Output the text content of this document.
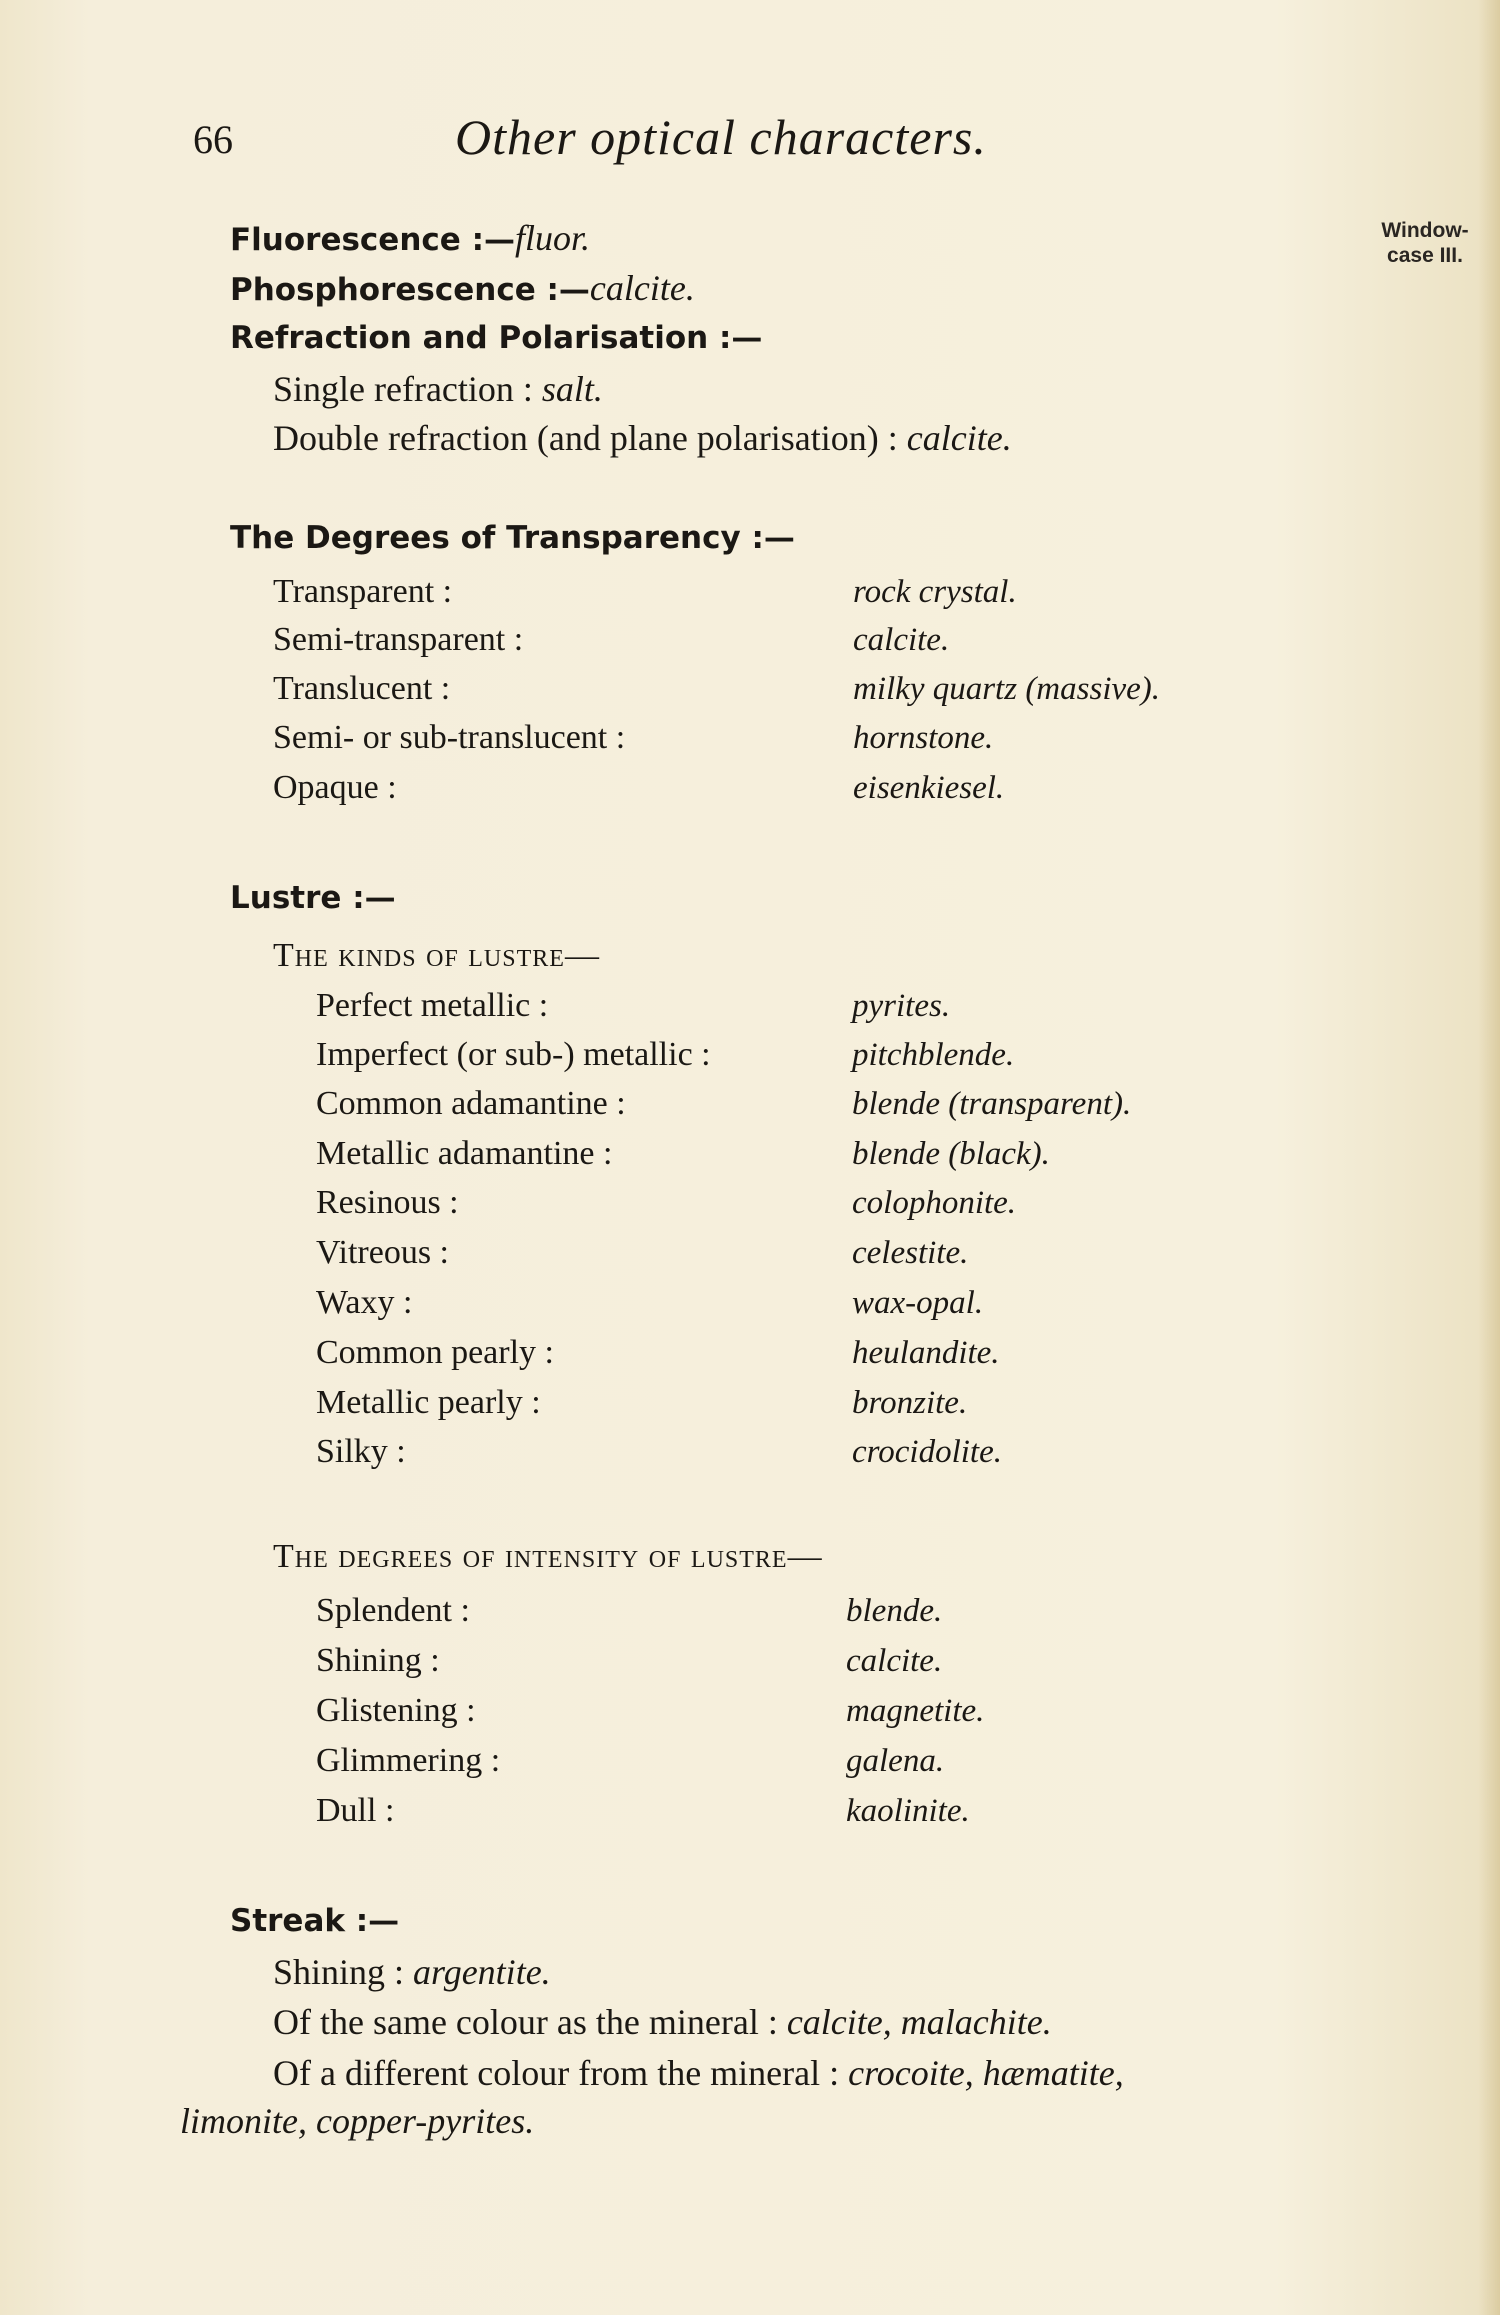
66	Other optical characters.
Window-
case III.
Fluorescence :—fluor.
Phosphorescence :—calcite.
Refraction and Polarisation :—
Single refraction : salt.
Double refraction (and plane polarisation) : calcite.
The Degrees of Transparency :—
Transparent :	rock crystal.
Semi-transparent :	calcite.
Translucent :	milky quartz (massive).
Semi- or sub-translucent :	hornstone.
Opaque :	eisenkiesel.
Lustre :—
The kinds of lustre—
Perfect metallic :	pyrites.
Imperfect (or sub-) metallic :	pitchblende.
Common adamantine :	blende (transparent).
Metallic adamantine :	blende (black).
Resinous :	colophonite.
Vitreous :	celestite.
Waxy :	wax-opal.
Common pearly :	heulandite.
Metallic pearly :	bronzite.
Silky :	crocidolite.
The degrees of intensity of lustre—
Splendent :	blende.
Shining :	calcite.
Glistening :	magnetite.
Glimmering :	galena.
Dull :	kaolinite.
Streak :—
Shining : argentite.
Of the same colour as the mineral : calcite, malachite.
Of a different colour from the mineral : crocoite, hæmatite,
limonite, copper-pyrites.
